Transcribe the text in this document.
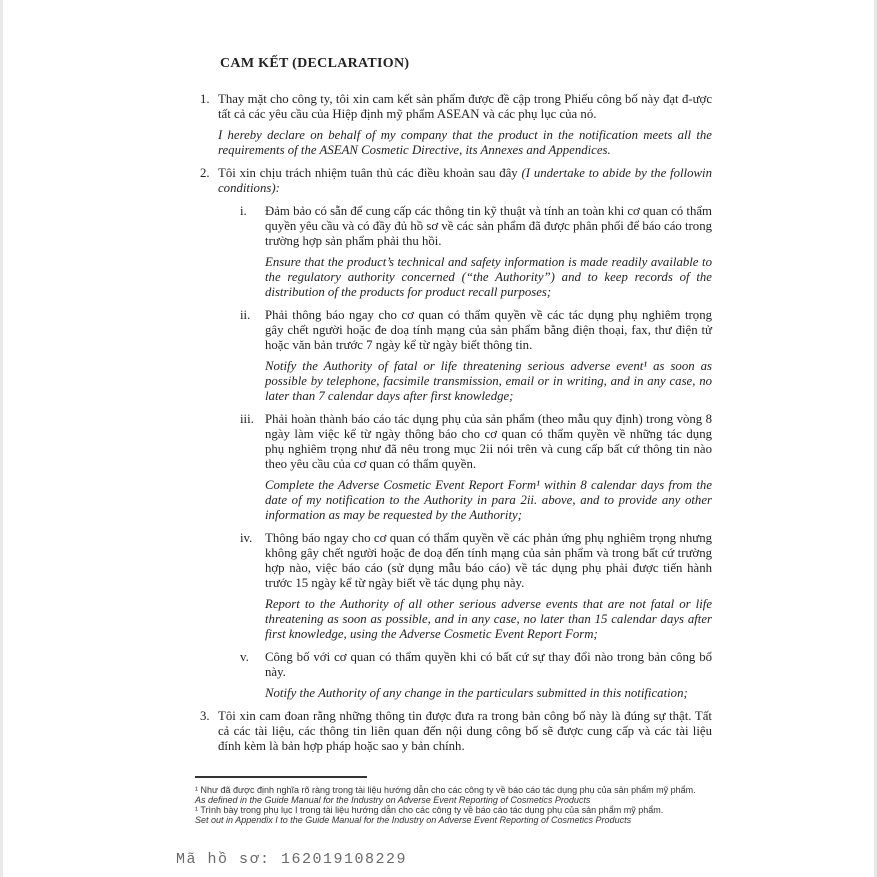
CAM KẾT (DECLARATION)
1. Thay mặt cho công ty, tôi xin cam kết sản phẩm được đề cập trong Phiếu công bố này đạt đ-ược tất cả các yêu cầu của Hiệp định mỹ phẩm ASEAN và các phụ lục của nó.

I hereby declare on behalf of my company that the product in the notification meets all the requirements of the ASEAN Cosmetic Directive, its Annexes and Appendices.

2. Tôi xin chịu trách nhiệm tuân thủ các điều khoản sau đây (I undertake to abide by the followin conditions):

i.	Đảm bảo có sẵn để cung cấp các thông tin kỹ thuật và tính an toàn khi cơ quan có thẩm quyền yêu cầu và có đầy đủ hồ sơ về các sản phẩm đã được phân phối để báo cáo trong trường hợp sản phẩm phải thu hồi.

Ensure that the product’s technical and safety information is made readily available to the regulatory authority concerned (“the Authority”) and to keep records of the distribution of the products for product recall purposes;

ii.	Phải thông báo ngay cho cơ quan có thẩm quyền về các tác dụng phụ nghiêm trọng gây chết người hoặc đe doạ tính mạng của sản phẩm bằng điện thoại, fax, thư điện tử hoặc văn bản trước 7 ngày kể từ ngày biết thông tin.

Notify the Authority of fatal or life threatening serious adverse event¹ as soon as possible by telephone, facsimile transmission, email or in writing, and in any case, no later than 7 calendar days after first knowledge;

iii. Phải hoàn thành báo cáo tác dụng phụ của sản phẩm (theo mẫu quy định) trong vòng 8 ngày làm việc kể từ ngày thông báo cho cơ quan có thẩm quyền về những tác dụng phụ nghiêm trọng như đã nêu trong mục 2ii nói trên và cung cấp bất cứ thông tin nào theo yêu cầu của cơ quan có thẩm quyền.

Complete the Adverse Cosmetic Event Report Form¹ within 8 calendar days from the date of my notification to the Authority in para 2ii. above, and to provide any other information as may be requested by the Authority;

iv. Thông báo ngay cho cơ quan có thẩm quyền về các phản ứng phụ nghiêm trọng nhưng không gây chết người hoặc đe doạ đến tính mạng của sản phẩm và trong bất cứ trường hợp nào, việc báo cáo (sử dụng mẫu báo cáo) về tác dụng phụ phải được tiến hành trước 15 ngày kể từ ngày biết về tác dụng phụ này.

Report to the Authority of all other serious adverse events that are not fatal or life threatening as soon as possible, and in any case, no later than 15 calendar days after first knowledge, using the Adverse Cosmetic Event Report Form;

v.	Công bố với cơ quan có thẩm quyền khi có bất cứ sự thay đổi nào trong bản công bố này.

Notify the Authority of any change in the particulars submitted in this notification;

3. Tôi xin cam đoan rằng những thông tin được đưa ra trong bản công bố này là đúng sự thật. Tất cả các tài liệu, các thông tin liên quan đến nội dung công bố sẽ được cung cấp và các tài liệu đính kèm là bản hợp pháp hoặc sao y bản chính.

¹ Như đã được định nghĩa rõ ràng trong tài liệu hướng dẫn cho các công ty về báo cáo tác dụng phụ của sản phẩm mỹ phẩm.

As defined in the Guide Manual for the Industry on Adverse Event Reporting of Cosmetics Products

¹ Trình bày trong phụ lục I trong tài liệu hướng dẫn cho các công ty về báo cáo tác dụng phụ của sản phẩm mỹ phẩm.

Set out in Appendix I to the Guide Manual for the Industry on Adverse Event Reporting of Cosmetics Products

Mã hồ sơ: 162019108229
